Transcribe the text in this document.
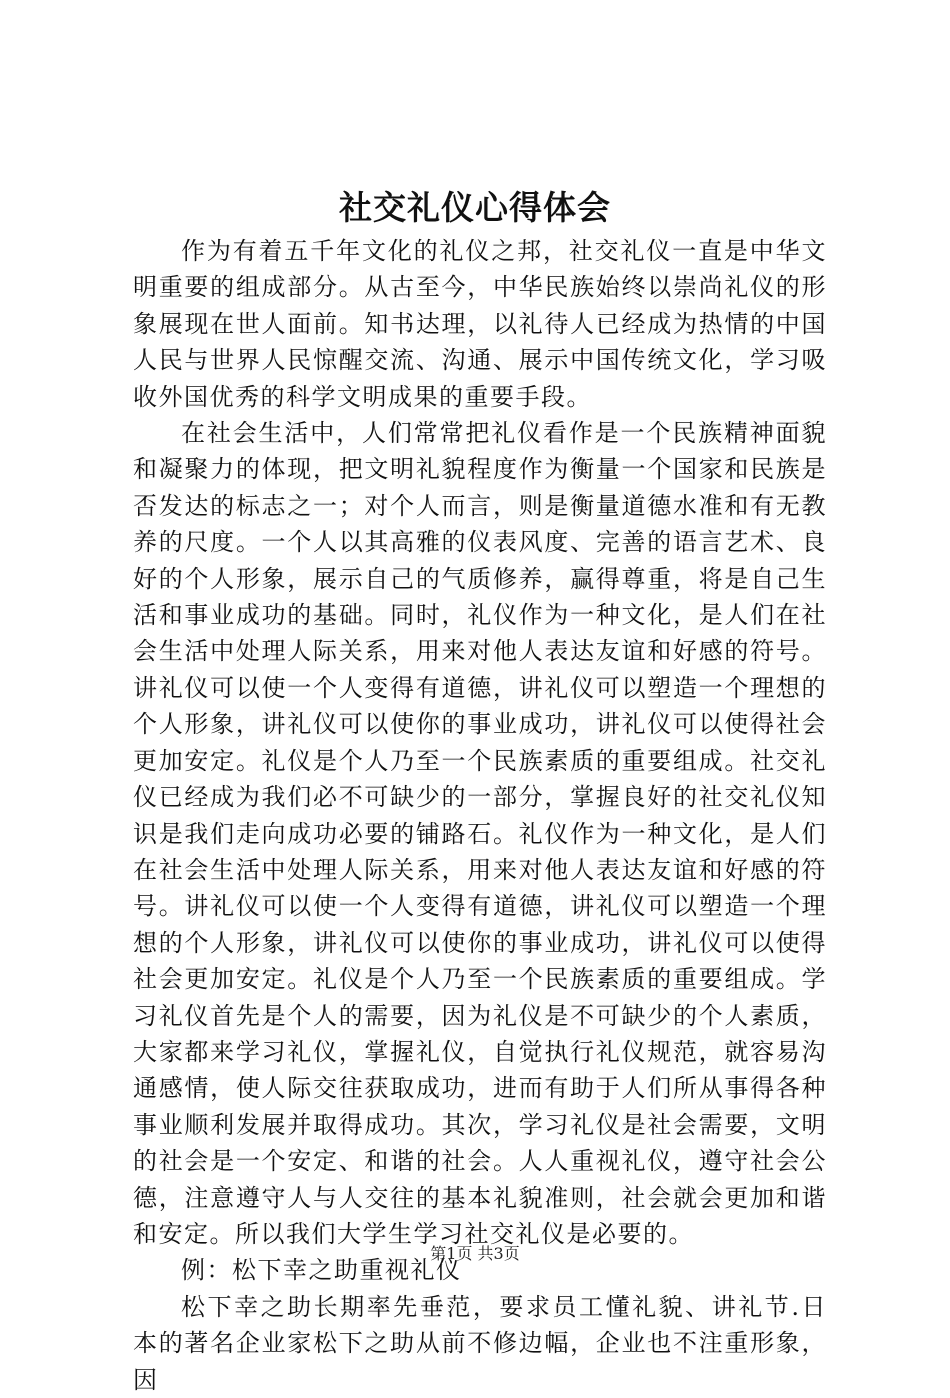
社交礼仪心得体会

作为有着五千年文化的礼仪之邦，社交礼仪一直是中华文明重要的组成部分。从古至今，中华民族始终以崇尚礼仪的形象展现在世人面前。知书达理，以礼待人已经成为热情的中国人民与世界人民惊醒交流、沟通、展示中国传统文化，学习吸收外国优秀的科学文明成果的重要手段。

在社会生活中，人们常常把礼仪看作是一个民族精神面貌和凝聚力的体现，把文明礼貌程度作为衡量一个国家和民族是否发达的标志之一；对个人而言，则是衡量道德水准和有无教养的尺度。一个人以其高雅的仪表风度、完善的语言艺术、良好的个人形象，展示自己的气质修养，赢得尊重，将是自己生活和事业成功的基础。同时，礼仪作为一种文化，是人们在社会生活中处理人际关系，用来对他人表达友谊和好感的符号。讲礼仪可以使一个人变得有道德，讲礼仪可以塑造一个理想的个人形象，讲礼仪可以使你的事业成功，讲礼仪可以使得社会更加安定。礼仪是个人乃至一个民族素质的重要组成。社交礼仪已经成为我们必不可缺少的一部分，掌握良好的社交礼仪知识是我们走向成功必要的铺路石。礼仪作为一种文化，是人们在社会生活中处理人际关系，用来对他人表达友谊和好感的符号。讲礼仪可以使一个人变得有道德，讲礼仪可以塑造一个理想的个人形象，讲礼仪可以使你的事业成功，讲礼仪可以使得社会更加安定。礼仪是个人乃至一个民族素质的重要组成。学习礼仪首先是个人的需要，因为礼仪是不可缺少的个人素质，大家都来学习礼仪，掌握礼仪，自觉执行礼仪规范，就容易沟通感情，使人际交往获取成功，进而有助于人们所从事得各种事业顺利发展并取得成功。其次，学习礼仪是社会需要，文明的社会是一个安定、和谐的社会。人人重视礼仪，遵守社会公德，注意遵守人与人交往的基本礼貌准则，社会就会更加和谐和安定。所以我们大学生学习社交礼仪是必要的。

例：松下幸之助重视礼仪

松下幸之助长期率先垂范，要求员工懂礼貌、讲礼节.日本的著名企业家松下之助从前不修边幅，企业也不注重形象，因

第1页 共3页
